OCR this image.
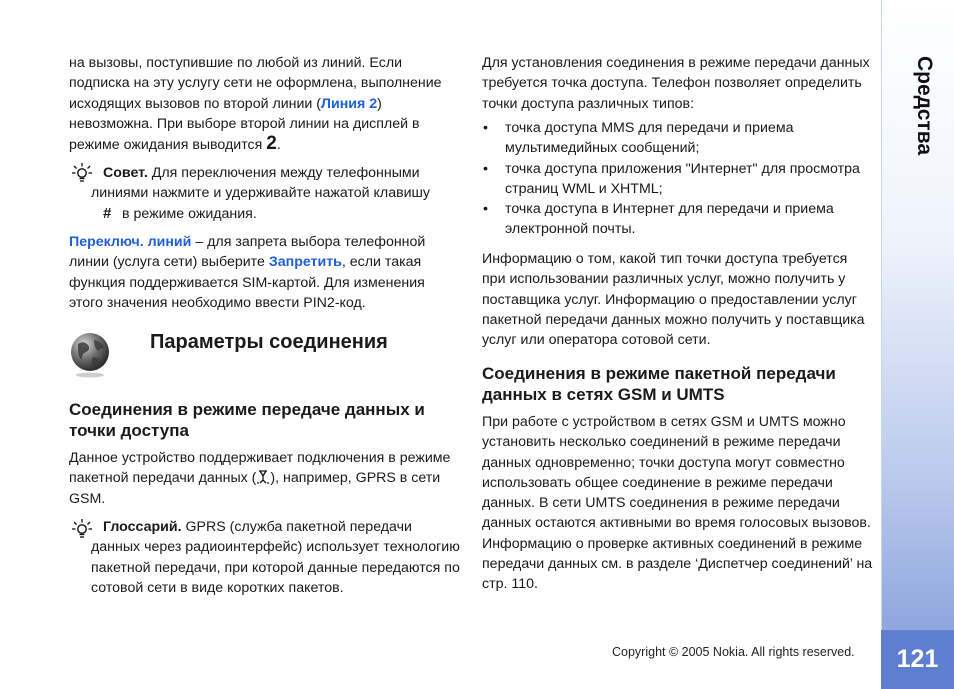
Средства
121

на вызовы, поступившие по любой из линий. Если подписка на эту услугу сети не оформлена, выполнение исходящих вызовов по второй линии (Линия 2) невозможна. При выборе второй линии на дисплей в режиме ожидания выводится 2.

Совет. Для переключения между телефонными линиями нажмите и удерживайте нажатой клавишу
# в режиме ожидания.

Переключ. линий – для запрета выбора телефонной линии (услуга сети) выберите Запретить, если такая функция поддерживается SIM-картой. Для изменения этого значения необходимо ввести PIN2-код.

Параметры соединения
Соединения в режиме передаче данных и точки доступа

Данное устройство поддерживает подключения в режиме пакетной передачи данных ( ), например, GPRS в сети GSM.

Глоссарий. GPRS (служба пакетной передачи данных через радиоинтерфейс) использует технологию пакетной передачи, при которой данные передаются по сотовой сети в виде коротких пакетов.

Для установления соединения в режиме передачи данных требуется точка доступа. Телефон позволяет определить точки доступа различных типов:

• точка доступа MMS для передачи и приема мультимедийных сообщений;
• точка доступа приложения "Интернет" для просмотра страниц WML и XHTML;
• точка доступа в Интернет для передачи и приема электронной почты.

Информацию о том, какой тип точки доступа требуется при использовании различных услуг, можно получить у поставщика услуг. Информацию о предоставлении услуг пакетной передачи данных можно получить у поставщика услуг или оператора сотовой сети.

Соединения в режиме пакетной передачи данных в сетях GSM и UMTS

При работе с устройством в сетях GSM и UMTS можно установить несколько соединений в режиме передачи данных одновременно; точки доступа могут совместно использовать общее соединение в режиме передачи данных. В сети UMTS соединения в режиме передачи данных остаются активными во время голосовых вызовов. Информацию о проверке активных соединений в режиме передачи данных см. в разделе ‘Диспетчер соединений’ на стр. 110.

Copyright © 2005 Nokia. All rights reserved.
